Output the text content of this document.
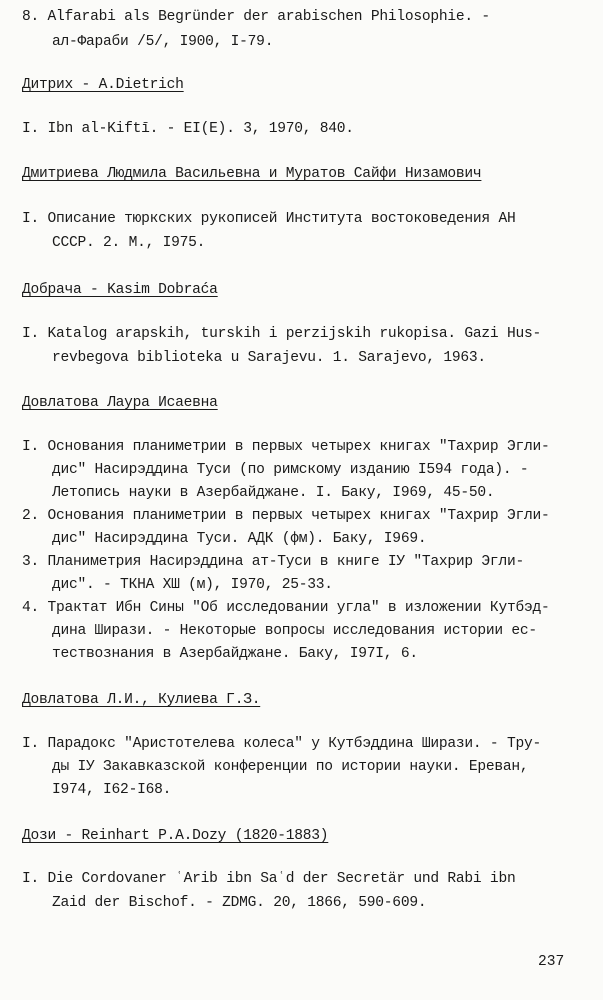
8. Alfarabi als Begründer der arabischen Philosophie. -
ал-Фараби /5/, I900, I-79.
Дитрих - A.Dietrich
I. Ibn al-Kiftī. - EI(E). 3, 1970, 840.
Дмитриева Людмила Васильевна и Муратов Сайфи Низамович
I. Описание тюркских рукописей Института востоковедения АН
СССР. 2. М., I975.
Добрача - Kasim Dobraća
I. Katalog arapskih, turskih i perzijskih rukopisa. Gazi Hus-
revbegova biblioteka u Sarajevu. 1. Sarajevo, 1963.
Довлатова Лаура Исаевна
I. Основания планиметрии в первых четырех книгах "Тахрир Эгли-
дис" Насирэддина Туси (по римскому изданию I594 года). -
Летопись науки в Азербайджане. I. Баку, I969, 45-50.
2. Основания планиметрии в первых четырех книгах "Тахрир Эгли-
дис" Насирэддина Туси. АДК (фм). Баку, I969.
3. Планиметрия Насирэддина ат-Туси в книге IУ "Тахрир Эгли-
дис". - ТКНА ХШ (м), I970, 25-33.
4. Трактат Ибн Сины "Об исследовании угла" в изложении Кутбэд-
дина Ширази. - Некоторые вопросы исследования истории ес-
тествознания в Азербайджане. Баку, I97I, 6.
Довлатова Л.И., Кулиева Г.З.
I. Парадокс "Аристотелева колеса" у Кутбэддина Ширази. - Тру-
ды IУ Закавказской конференции по истории науки. Ереван,
I974, I62-I68.
Дози - Reinhart P.A.Dozy (1820-1883)
I. Die Cordovaner ʿArib ibn Saʿd der Secretär und Rabi ibn
Zaid der Bischof. - ZDMG. 20, 1866, 590-609.
237
